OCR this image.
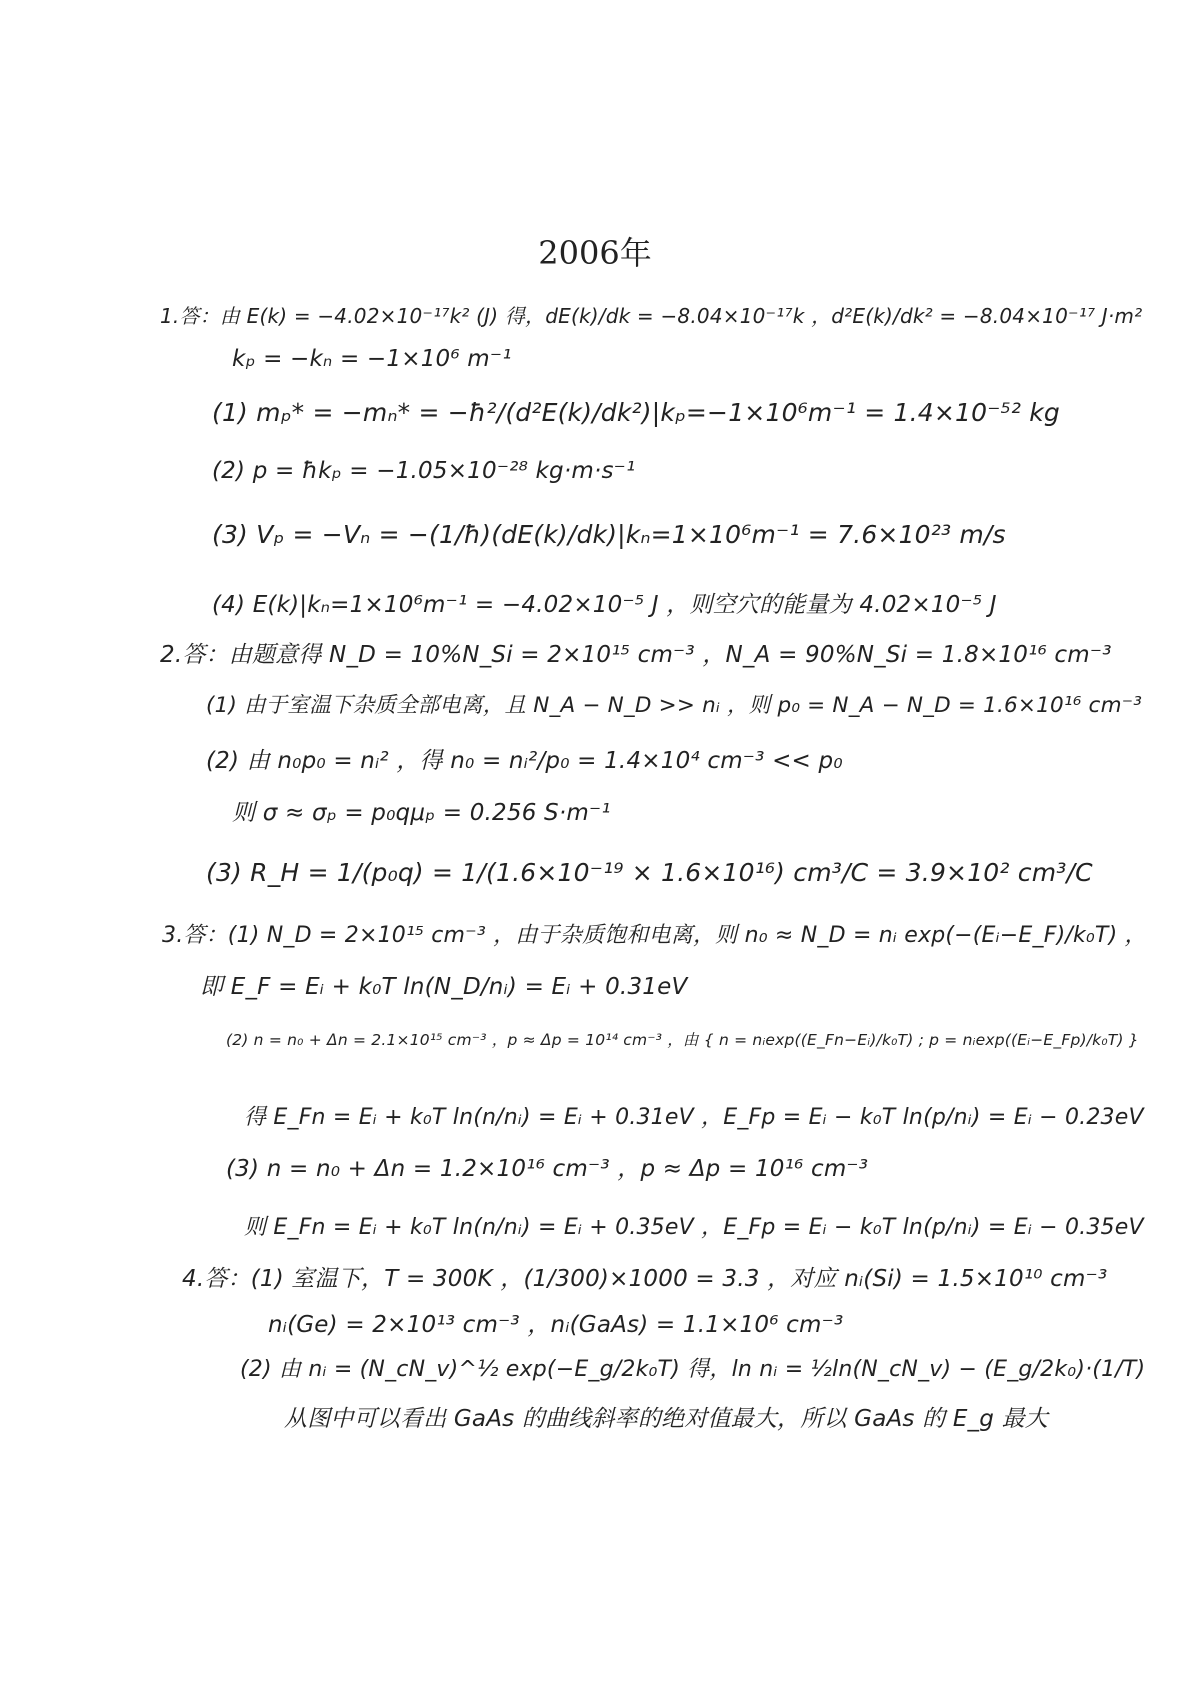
2006年
1.答：由 E(k) = −4.02×10⁻¹⁷k² (J) 得，dE(k)/dk = −8.04×10⁻¹⁷k ，d²E(k)/dk² = −8.04×10⁻¹⁷ J·m²
kₚ = −kₙ = −1×10⁶ m⁻¹
(1) mₚ* = −mₙ* = −ħ²/(d²E(k)/dk²)|kₚ=−1×10⁶m⁻¹ = 1.4×10⁻⁵² kg
(2) p = ħkₚ = −1.05×10⁻²⁸ kg·m·s⁻¹
(3) Vₚ = −Vₙ = −(1/ħ)(dE(k)/dk)|kₙ=1×10⁶m⁻¹ = 7.6×10²³ m/s
(4) E(k)|kₙ=1×10⁶m⁻¹ = −4.02×10⁻⁵ J ，则空穴的能量为 4.02×10⁻⁵ J
2.答：由题意得 N_D = 10%N_Si = 2×10¹⁵ cm⁻³ ，N_A = 90%N_Si = 1.8×10¹⁶ cm⁻³
(1) 由于室温下杂质全部电离，且 N_A − N_D >> nᵢ ，则 p₀ = N_A − N_D = 1.6×10¹⁶ cm⁻³
(2) 由 n₀p₀ = nᵢ² ，得 n₀ = nᵢ²/p₀ = 1.4×10⁴ cm⁻³ << p₀
则 σ ≈ σₚ = p₀qμₚ = 0.256 S·m⁻¹
(3) R_H = 1/(p₀q) = 1/(1.6×10⁻¹⁹ × 1.6×10¹⁶) cm³/C = 3.9×10² cm³/C
3.答：(1) N_D = 2×10¹⁵ cm⁻³ ，由于杂质饱和电离，则 n₀ ≈ N_D = nᵢ exp(−(Eᵢ−E_F)/k₀T) ，
即 E_F = Eᵢ + k₀T ln(N_D/nᵢ) = Eᵢ + 0.31eV
(2) n = n₀ + Δn = 2.1×10¹⁵ cm⁻³ ，p ≈ Δp = 10¹⁴ cm⁻³ ，由 { n = nᵢexp((E_Fn−Eᵢ)/k₀T) ; p = nᵢexp((Eᵢ−E_Fp)/k₀T) }
得 E_Fn = Eᵢ + k₀T ln(n/nᵢ) = Eᵢ + 0.31eV ，E_Fp = Eᵢ − k₀T ln(p/nᵢ) = Eᵢ − 0.23eV
(3) n = n₀ + Δn = 1.2×10¹⁶ cm⁻³ ，p ≈ Δp = 10¹⁶ cm⁻³
则 E_Fn = Eᵢ + k₀T ln(n/nᵢ) = Eᵢ + 0.35eV ，E_Fp = Eᵢ − k₀T ln(p/nᵢ) = Eᵢ − 0.35eV
4.答：(1) 室温下，T = 300K ，(1/300)×1000 = 3.3 ，对应 nᵢ(Si) = 1.5×10¹⁰ cm⁻³
nᵢ(Ge) = 2×10¹³ cm⁻³ ，nᵢ(GaAs) = 1.1×10⁶ cm⁻³
(2) 由 nᵢ = (N_cN_v)^½ exp(−E_g/2k₀T) 得，ln nᵢ = ½ln(N_cN_v) − (E_g/2k₀)·(1/T)
从图中可以看出 GaAs 的曲线斜率的绝对值最大，所以 GaAs 的 E_g 最大
